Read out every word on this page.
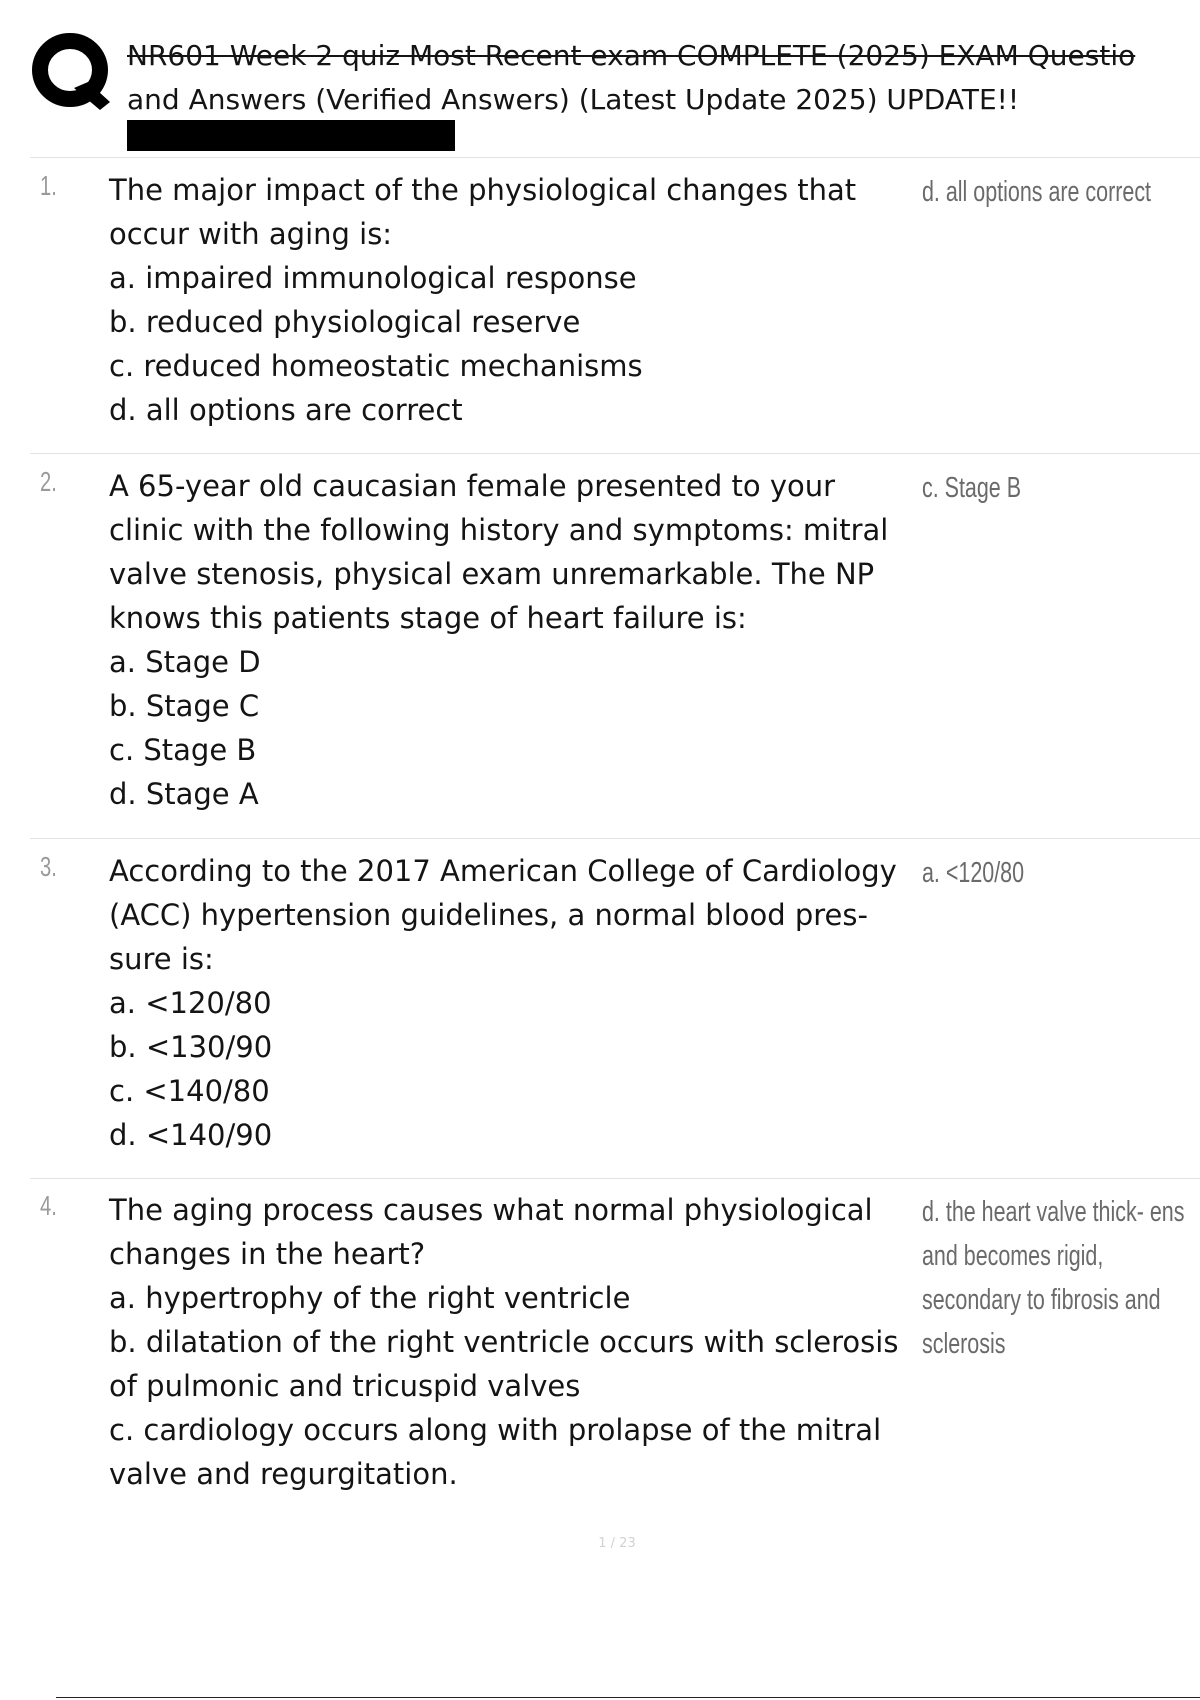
NR601 Week 2 quiz Most Recent exam COMPLETE (2025) EXAM Questio
and Answers (Verified Answers) (Latest Update 2025) UPDATE!!
1. The major impact of the physiological changes that occur with aging is:
a. impaired immunological response
b. reduced physiological reserve
c. reduced homeostatic mechanisms
d. all options are correct
d. all options are correct
2. A 65-year old caucasian female presented to your clinic with the following history and symptoms: mitral valve stenosis, physical exam unremarkable. The NP knows this patients stage of heart failure is:
a. Stage D
b. Stage C
c. Stage B
d. Stage A
c. Stage B
3. According to the 2017 American College of Cardiology (ACC) hypertension guidelines, a normal blood pres- sure is:
a. <120/80
b. <130/90
c. <140/80
d. <140/90
a. <120/80
4. The aging process causes what normal physiological changes in the heart?
a. hypertrophy of the right ventricle
b. dilatation of the right ventricle occurs with sclerosis of pulmonic and tricuspid valves
c. cardiology occurs along with prolapse of the mitral valve and regurgitation.
d. the heart valve thick- ens and becomes rigid, secondary to fibrosis and sclerosis
1 / 23
